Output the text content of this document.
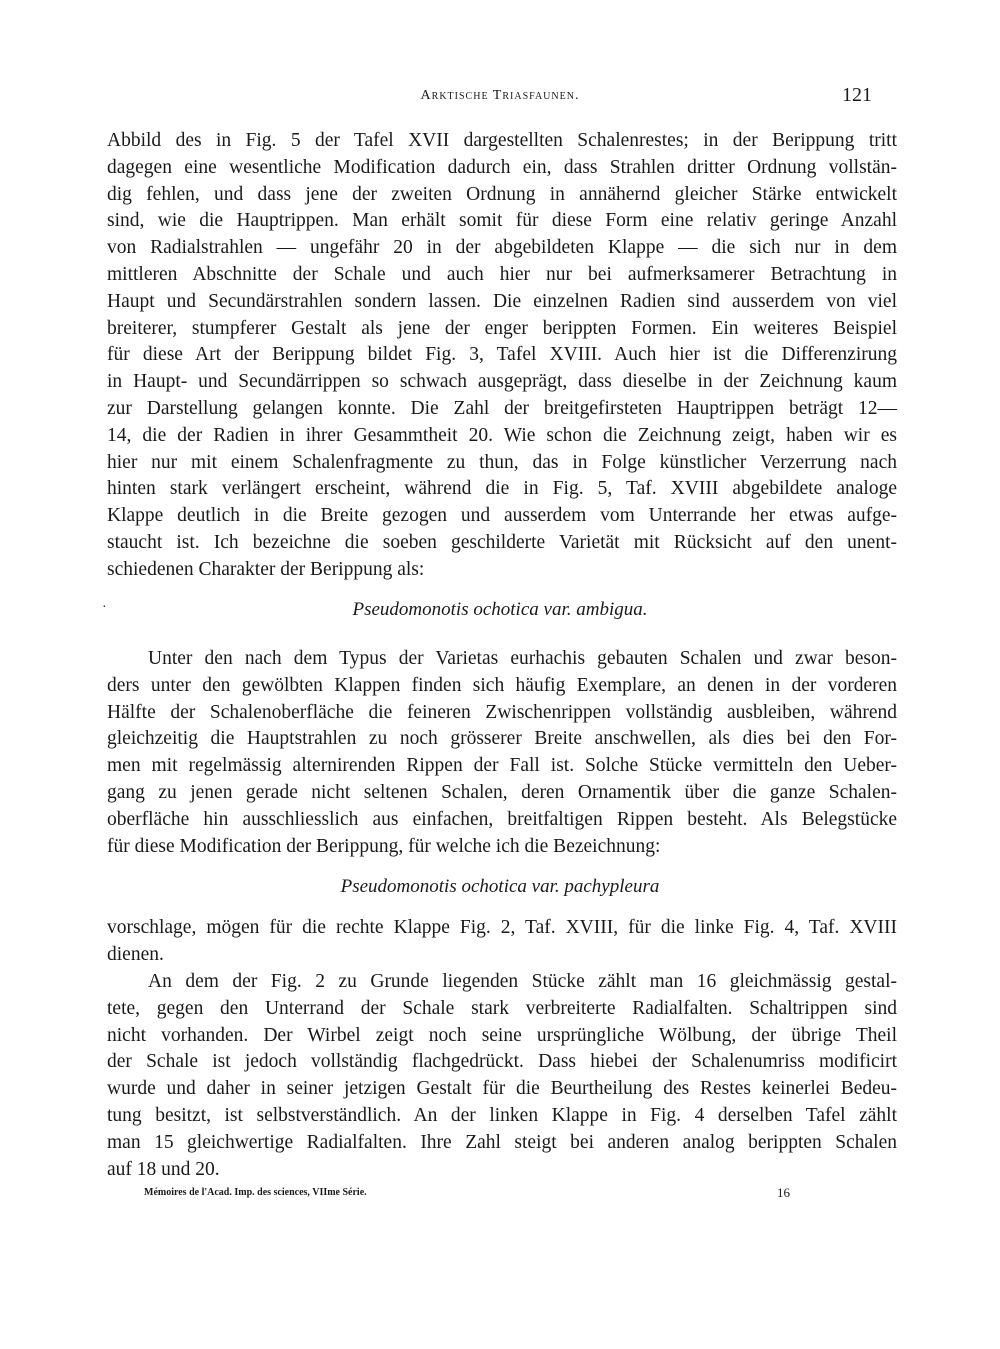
Arktische Triasfaunen.	121
Abbild des in Fig. 5 der Tafel XVII dargestellten Schalenrestes; in der Berippung tritt
dagegen eine wesentliche Modification dadurch ein, dass Strahlen dritter Ordnung vollstän-
dig fehlen, und dass jene der zweiten Ordnung in annähernd gleicher Stärke entwickelt
sind, wie die Hauptrippen. Man erhält somit für diese Form eine relativ geringe Anzahl
von Radialstrahlen — ungefähr 20 in der abgebildeten Klappe — die sich nur in dem
mittleren Abschnitte der Schale und auch hier nur bei aufmerksamerer Betrachtung in
Haupt und Secundärstrahlen sondern lassen. Die einzelnen Radien sind ausserdem von viel
breiterer, stumpferer Gestalt als jene der enger berippten Formen. Ein weiteres Beispiel
für diese Art der Berippung bildet Fig. 3, Tafel XVIII. Auch hier ist die Differenzirung
in Haupt- und Secundärrippen so schwach ausgeprägt, dass dieselbe in der Zeichnung kaum
zur Darstellung gelangen konnte. Die Zahl der breitgefirsteten Hauptrippen beträgt 12—
14, die der Radien in ihrer Gesammtheit 20. Wie schon die Zeichnung zeigt, haben wir es
hier nur mit einem Schalenfragmente zu thun, das in Folge künstlicher Verzerrung nach
hinten stark verlängert erscheint, während die in Fig. 5, Taf. XVIII abgebildete analoge
Klappe deutlich in die Breite gezogen und ausserdem vom Unterrande her etwas aufge-
staucht ist. Ich bezeichne die soeben geschilderte Varietät mit Rücksicht auf den unent-
schiedenen Charakter der Berippung als:
·	Pseudomonotis ochotica var. ambigua.
Unter den nach dem Typus der Varietas eurhachis gebauten Schalen und zwar beson-
ders unter den gewölbten Klappen finden sich häufig Exemplare, an denen in der vorderen
Hälfte der Schalenoberfläche die feineren Zwischenrippen vollständig ausbleiben, während
gleichzeitig die Hauptstrahlen zu noch grösserer Breite anschwellen, als dies bei den For-
men mit regelmässig alternirenden Rippen der Fall ist. Solche Stücke vermitteln den Ueber-
gang zu jenen gerade nicht seltenen Schalen, deren Ornamentik über die ganze Schalen-
oberfläche hin ausschliesslich aus einfachen, breitfaltigen Rippen besteht. Als Belegstücke
für diese Modification der Berippung, für welche ich die Bezeichnung:
Pseudomonotis ochotica var. pachypleura
vorschlage, mögen für die rechte Klappe Fig. 2, Taf. XVIII, für die linke Fig. 4, Taf. XVIII
dienen.
An dem der Fig. 2 zu Grunde liegenden Stücke zählt man 16 gleichmässig gestal-
tete, gegen den Unterrand der Schale stark verbreiterte Radialfalten. Schaltrippen sind
nicht vorhanden. Der Wirbel zeigt noch seine ursprüngliche Wölbung, der übrige Theil
der Schale ist jedoch vollständig flachgedrückt. Dass hiebei der Schalenumriss modificirt
wurde und daher in seiner jetzigen Gestalt für die Beurtheilung des Restes keinerlei Bedeu-
tung besitzt, ist selbstverständlich. An der linken Klappe in Fig. 4 derselben Tafel zählt
man 15 gleichwertige Radialfalten. Ihre Zahl steigt bei anderen analog berippten Schalen
auf 18 und 20.
Mémoires de l'Acad. Imp. des sciences, VIIme Série.	16
